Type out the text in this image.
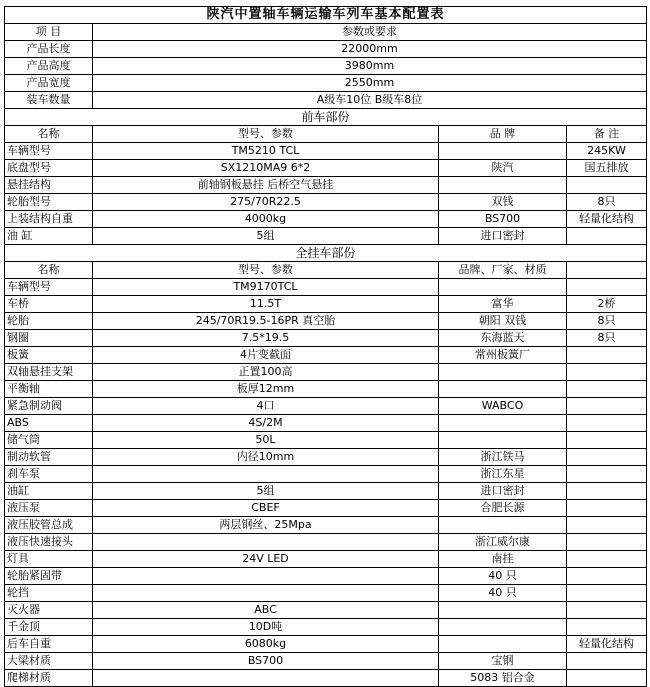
陕汽中置轴车辆运输车列车基本配置表			
项 目	参数或要求		
产品长度	22000mm		
产品高度	3980mm		
产品宽度	2550mm		
装车数量	A级车10位 B级车8位		
前车部份			
名称	型号、参数	品 牌	备 注
车辆型号	TM5210 TCL		245KW
底盘型号	SX1210MA9 6*2	陕汽	国五排放
悬挂结构	前轴钢板悬挂 后桥空气悬挂		
轮胎型号	275/70R22.5	双钱	8只
上装结构自重	4000kg	BS700	轻量化结构
油 缸	5组	进口密封	
全挂车部份			
名称	型号、参数	品牌、厂家、材质	
车辆型号	TM9170TCL		
车桥	11.5T	富华	2桥
轮胎	245/70R19.5-16PR 真空胎	朝阳 双钱	8只
钢圈	7.5*19.5	东海蓝天	8只
板簧	4片变截面	常州板簧厂	
双轴悬挂支架	正置100高		
平衡轴	板厚12mm		
紧急制动阀	4口	WABCO	
ABS	4S/2M		
储气筒	50L		
制动软管	内径10mm	浙江铁马	
刹车泵		浙江东星	
油缸	5组	进口密封	
液压泵	CBEF	合肥长源	
液压胶管总成	两层钢丝、25Mpa		
液压快速接头		浙江威尔康	
灯具	24V LED	南挂	
轮胎紧固带		40 只	
轮挡		40 只	
灭火器	ABC		
千金顶	10D吨		
后车自重	6080kg		轻量化结构
大梁材质	BS700	宝钢	
爬梯材质		5083 铝合金	
